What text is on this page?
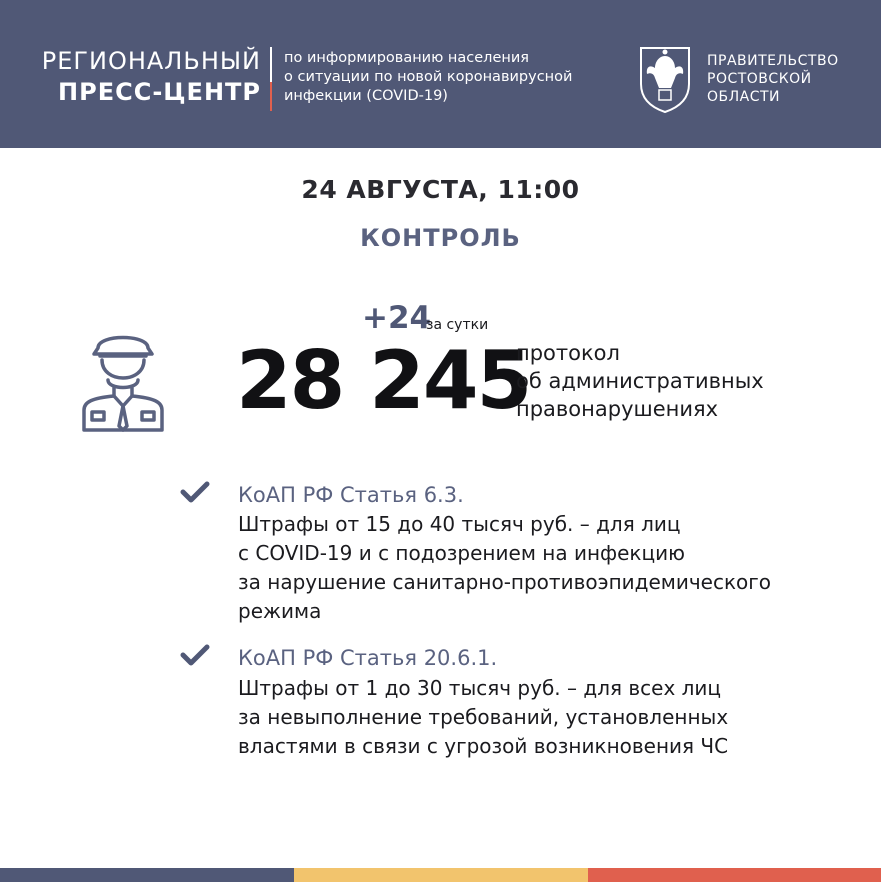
РЕГИОНАЛЬНЫЙ
ПРЕСС-ЦЕНТР
по информированию населения
о ситуации по новой коронавирусной
инфекции (COVID-19)
ПРАВИТЕЛЬСТВО
РОСТОВСКОЙ
ОБЛАСТИ
24 АВГУСТА, 11:00
КОНТРОЛЬ
+24
за сутки
28 245
протокол
об административных
правонарушениях
КоАП РФ Статья 6.3.
Штрафы от 15 до 40 тысяч руб. – для лиц
с COVID-19 и с подозрением на инфекцию
за нарушение санитарно-противоэпидемического
режима
КоАП РФ Статья 20.6.1.
Штрафы от 1 до 30 тысяч руб. – для всех лиц
за невыполнение требований, установленных
властями в связи с угрозой возникновения ЧС
